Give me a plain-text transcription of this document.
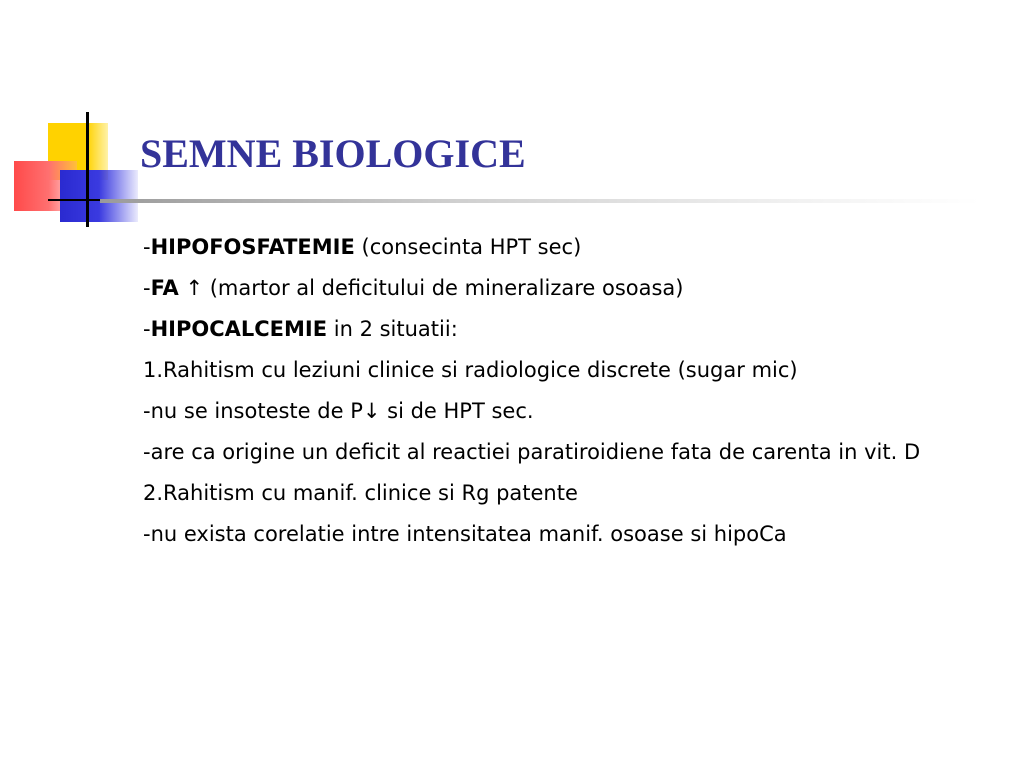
SEMNE BIOLOGICE

-HIPOFOSFATEMIE (consecinta HPT sec)

-FA ↑ (martor al deficitului de mineralizare osoasa)

-HIPOCALCEMIE in 2 situatii:

1.Rahitism cu leziuni clinice si radiologice discrete (sugar mic)

-nu se insoteste de P↓ si de HPT sec.

-are ca origine un deficit al reactiei paratiroidiene fata de carenta in vit. D

2.Rahitism cu manif. clinice si Rg patente

-nu exista corelatie intre intensitatea manif. osoase si hipoCa
